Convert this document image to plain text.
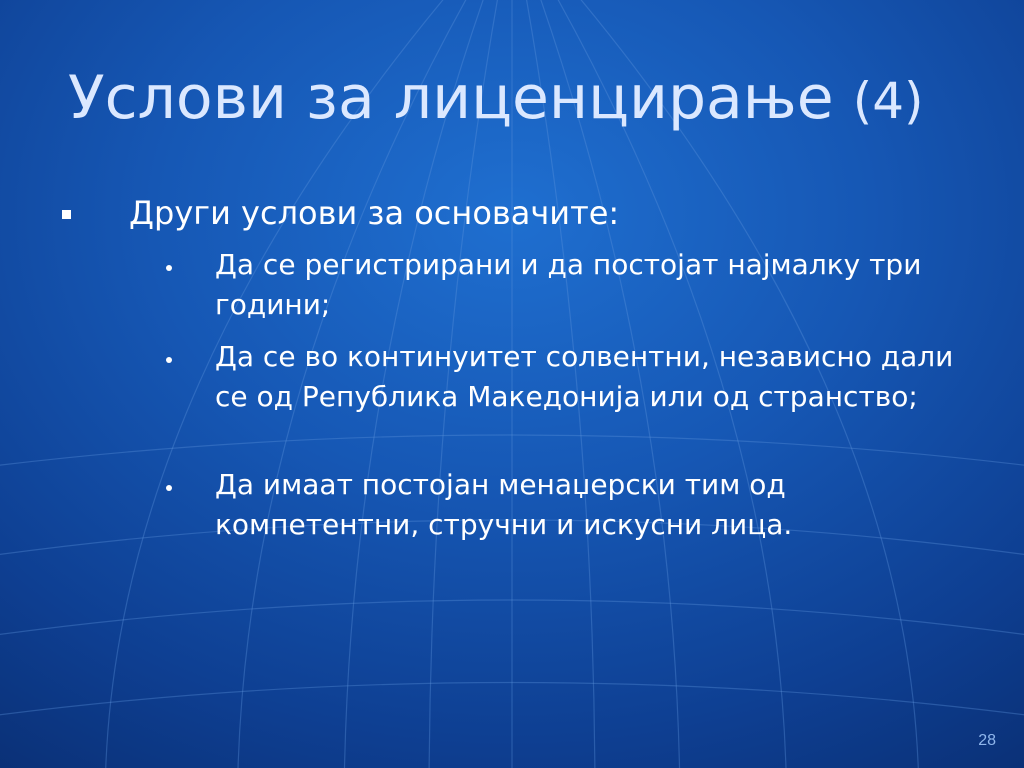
Услови за лиценцирање (4)
Други услови за основачите:
Да се регистрирани и да постојат најмалку три години;
Да се во континуитет солвентни, независно дали се од Република Македонија или од странство;
Да имаат постојан менаџерски тим од компетентни, стручни и искусни лица.
28
